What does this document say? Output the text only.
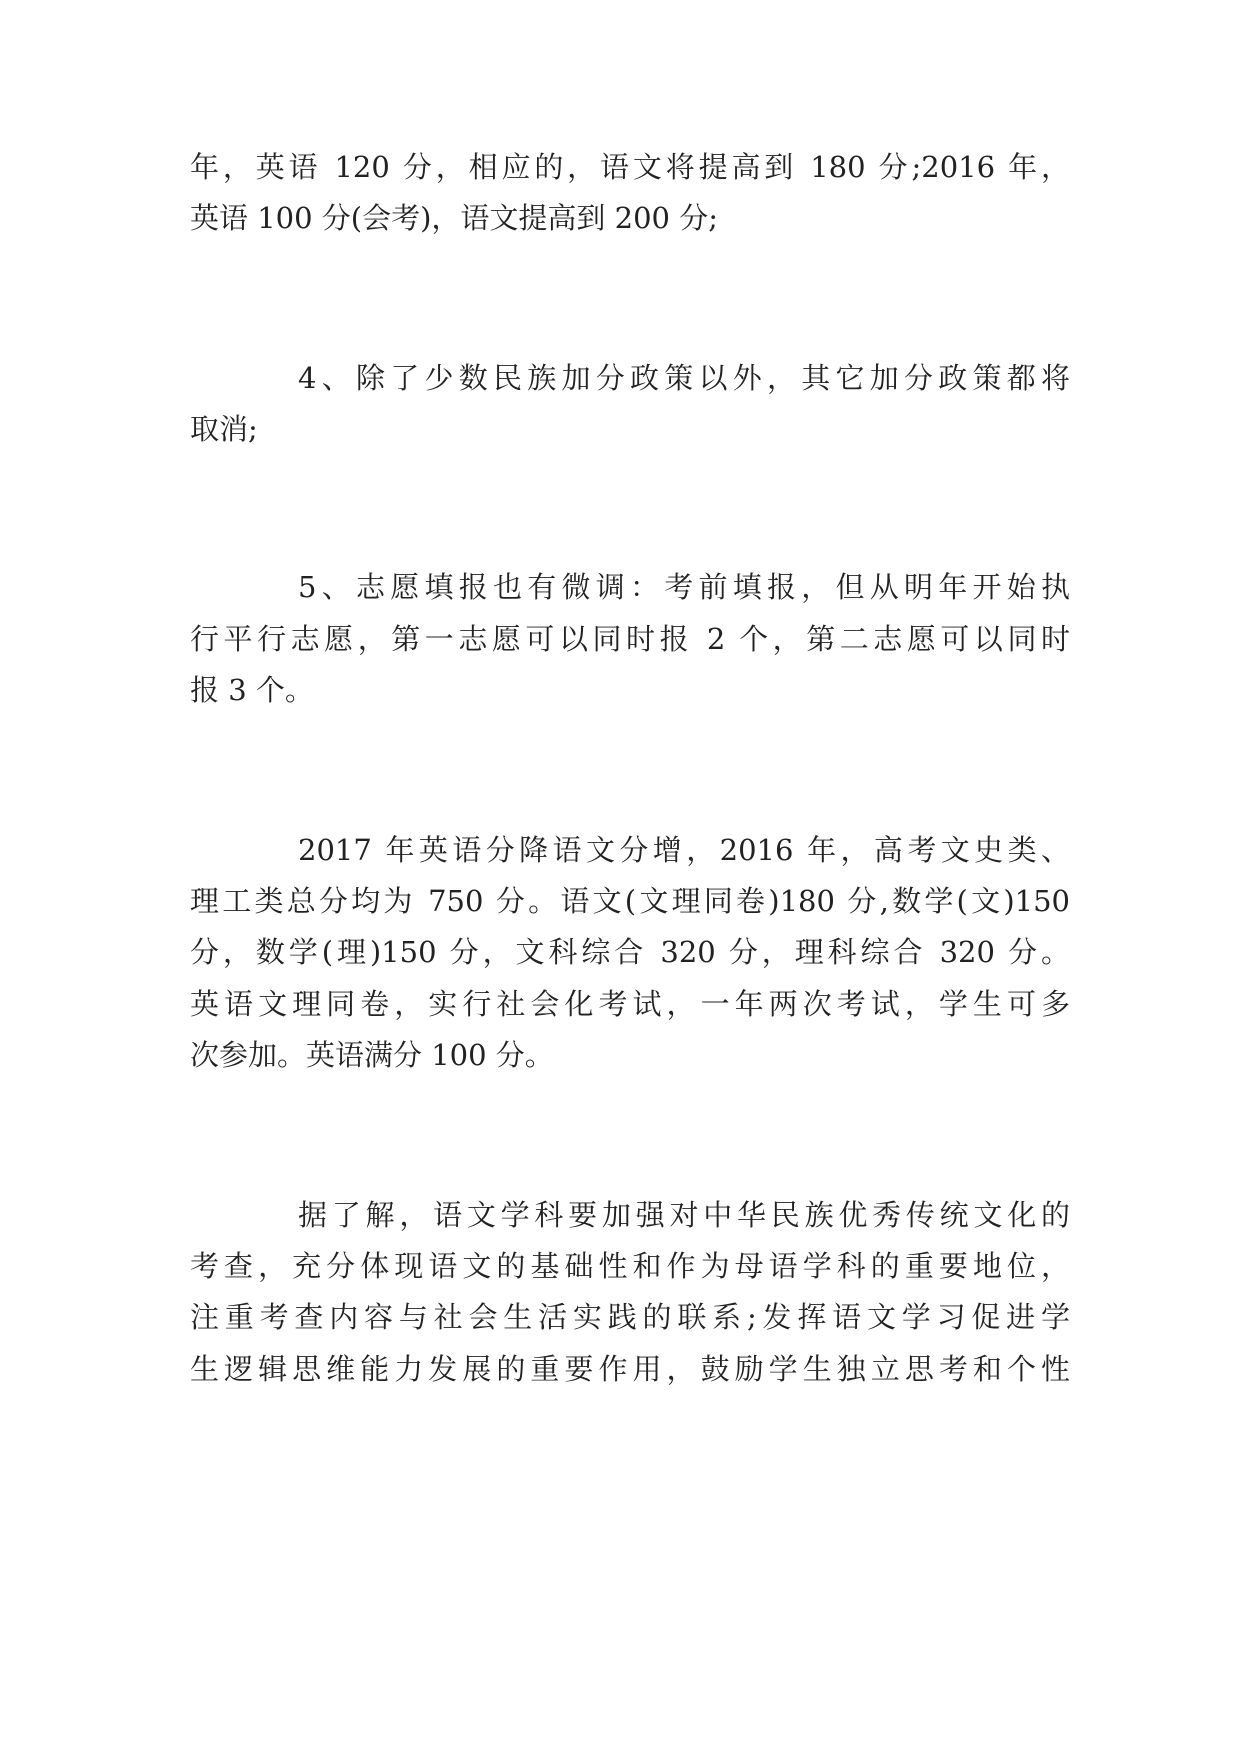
年，英语 120 分，相应的，语文将提高到 180 分;2016 年，
英语 100 分(会考)，语文提高到 200 分;
4、除了少数民族加分政策以外，其它加分政策都将
取消;
5、志愿填报也有微调：考前填报，但从明年开始执
行平行志愿，第一志愿可以同时报 2 个，第二志愿可以同时
报 3 个。
2017 年英语分降语文分增，2016 年，高考文史类、
理工类总分均为 750 分。语文(文理同卷)180 分,数学(文)150
分，数学(理)150 分，文科综合 320 分，理科综合 320 分。
英语文理同卷，实行社会化考试，一年两次考试，学生可多
次参加。英语满分 100 分。
据了解，语文学科要加强对中华民族优秀传统文化的
考查，充分体现语文的基础性和作为母语学科的重要地位，
注重考查内容与社会生活实践的联系;发挥语文学习促进学
生逻辑思维能力发展的重要作用，鼓励学生独立思考和个性
